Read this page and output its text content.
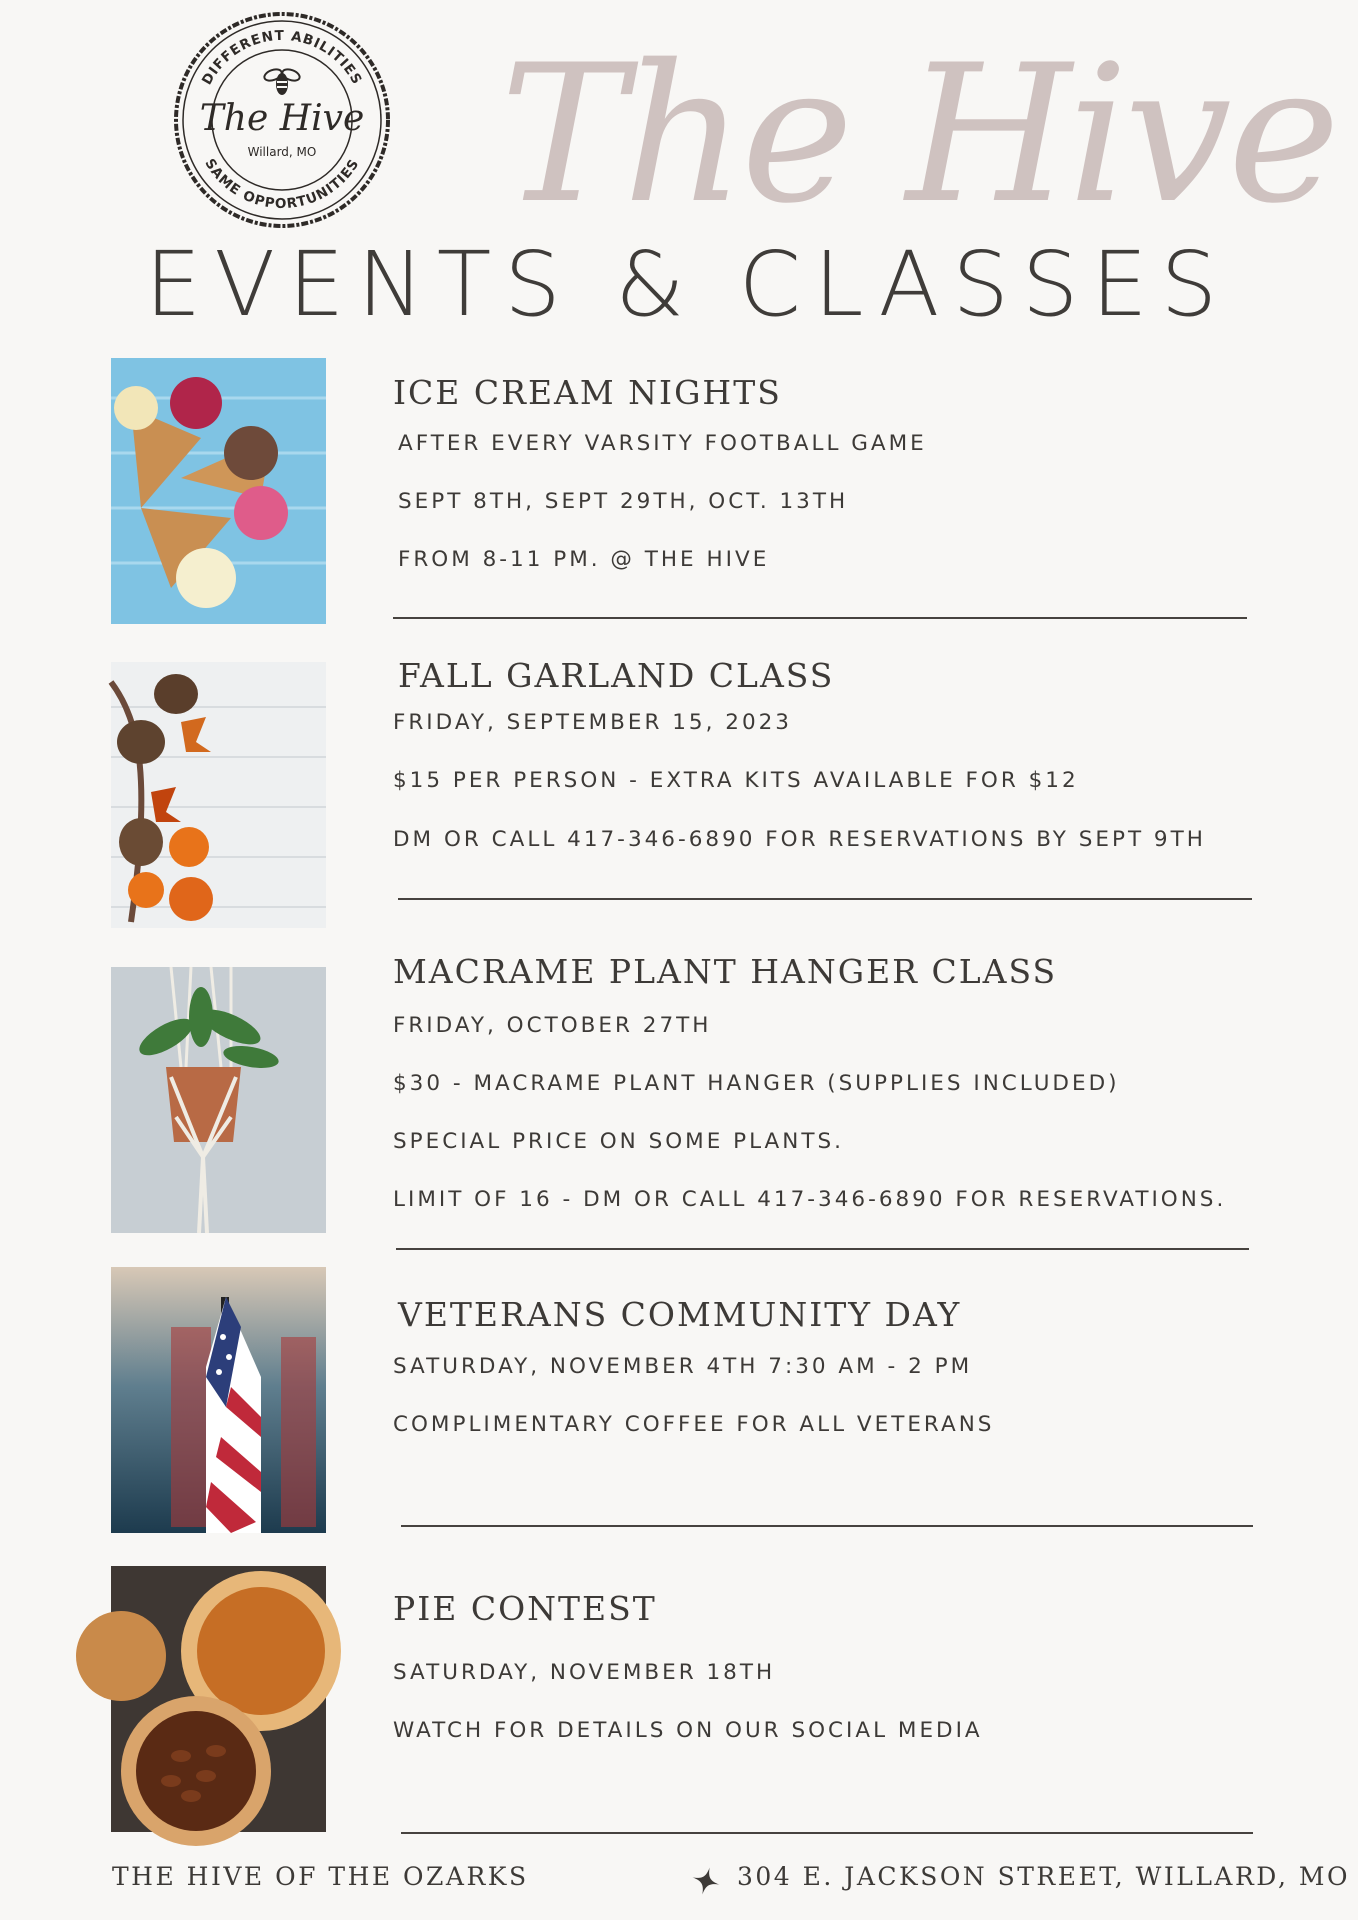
DIFFERENT ABILITIES
SAME OPPORTUNITIES
The Hive
Willard, MO The Hive
EVENTS & CLASSES
ICE CREAM NIGHTS
AFTER EVERY VARSITY FOOTBALL GAME
SEPT 8TH, SEPT 29TH, OCT. 13TH
FROM 8-11 PM. @ THE HIVE
FALL GARLAND CLASS
FRIDAY, SEPTEMBER 15, 2023
$15 PER PERSON - EXTRA KITS AVAILABLE FOR $12
DM OR CALL 417-346-6890 FOR RESERVATIONS BY SEPT 9TH
MACRAME PLANT HANGER CLASS
FRIDAY, OCTOBER 27TH
$30 - MACRAME PLANT HANGER (SUPPLIES INCLUDED)
SPECIAL PRICE ON SOME PLANTS.
LIMIT OF 16 - DM OR CALL 417-346-6890 FOR RESERVATIONS.
VETERANS COMMUNITY DAY
SATURDAY, NOVEMBER 4TH 7:30 AM - 2 PM
COMPLIMENTARY COFFEE FOR ALL VETERANS
PIE CONTEST
SATURDAY, NOVEMBER 18TH
WATCH FOR DETAILS ON OUR SOCIAL MEDIA
THE HIVE OF THE OZARKS	304 E. JACKSON STREET, WILLARD, MO
